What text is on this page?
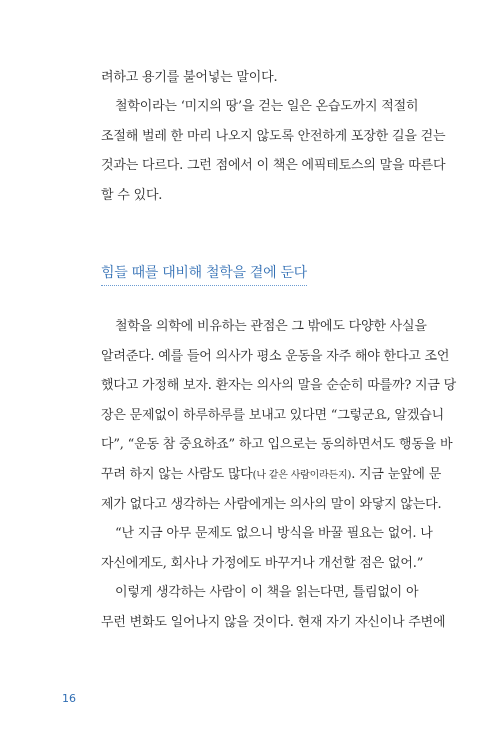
려하고 용기를 불어넣는 말이다.
철학이라는 ‘미지의 땅’을 걷는 일은 온습도까지 적절히
조절해 벌레 한 마리 나오지 않도록 안전하게 포장한 길을 걷는
것과는 다르다. 그런 점에서 이 책은 에픽테토스의 말을 따른다
할 수 있다.
힘들 때를 대비해 철학을 곁에 둔다
철학을 의학에 비유하는 관점은 그 밖에도 다양한 사실을
알려준다. 예를 들어 의사가 평소 운동을 자주 해야 한다고 조언
했다고 가정해 보자. 환자는 의사의 말을 순순히 따를까? 지금 당
장은 문제없이 하루하루를 보내고 있다면 “그렇군요, 알겠습니
다”, “운동 참 중요하죠” 하고 입으로는 동의하면서도 행동을 바
꾸려 하지 않는 사람도 많다(나 같은 사람이라든지). 지금 눈앞에 문
제가 없다고 생각하는 사람에게는 의사의 말이 와닿지 않는다.
“난 지금 아무 문제도 없으니 방식을 바꿀 필요는 없어. 나
자신에게도, 회사나 가정에도 바꾸거나 개선할 점은 없어.”
이렇게 생각하는 사람이 이 책을 읽는다면, 틀림없이 아
무런 변화도 일어나지 않을 것이다. 현재 자기 자신이나 주변에
16
